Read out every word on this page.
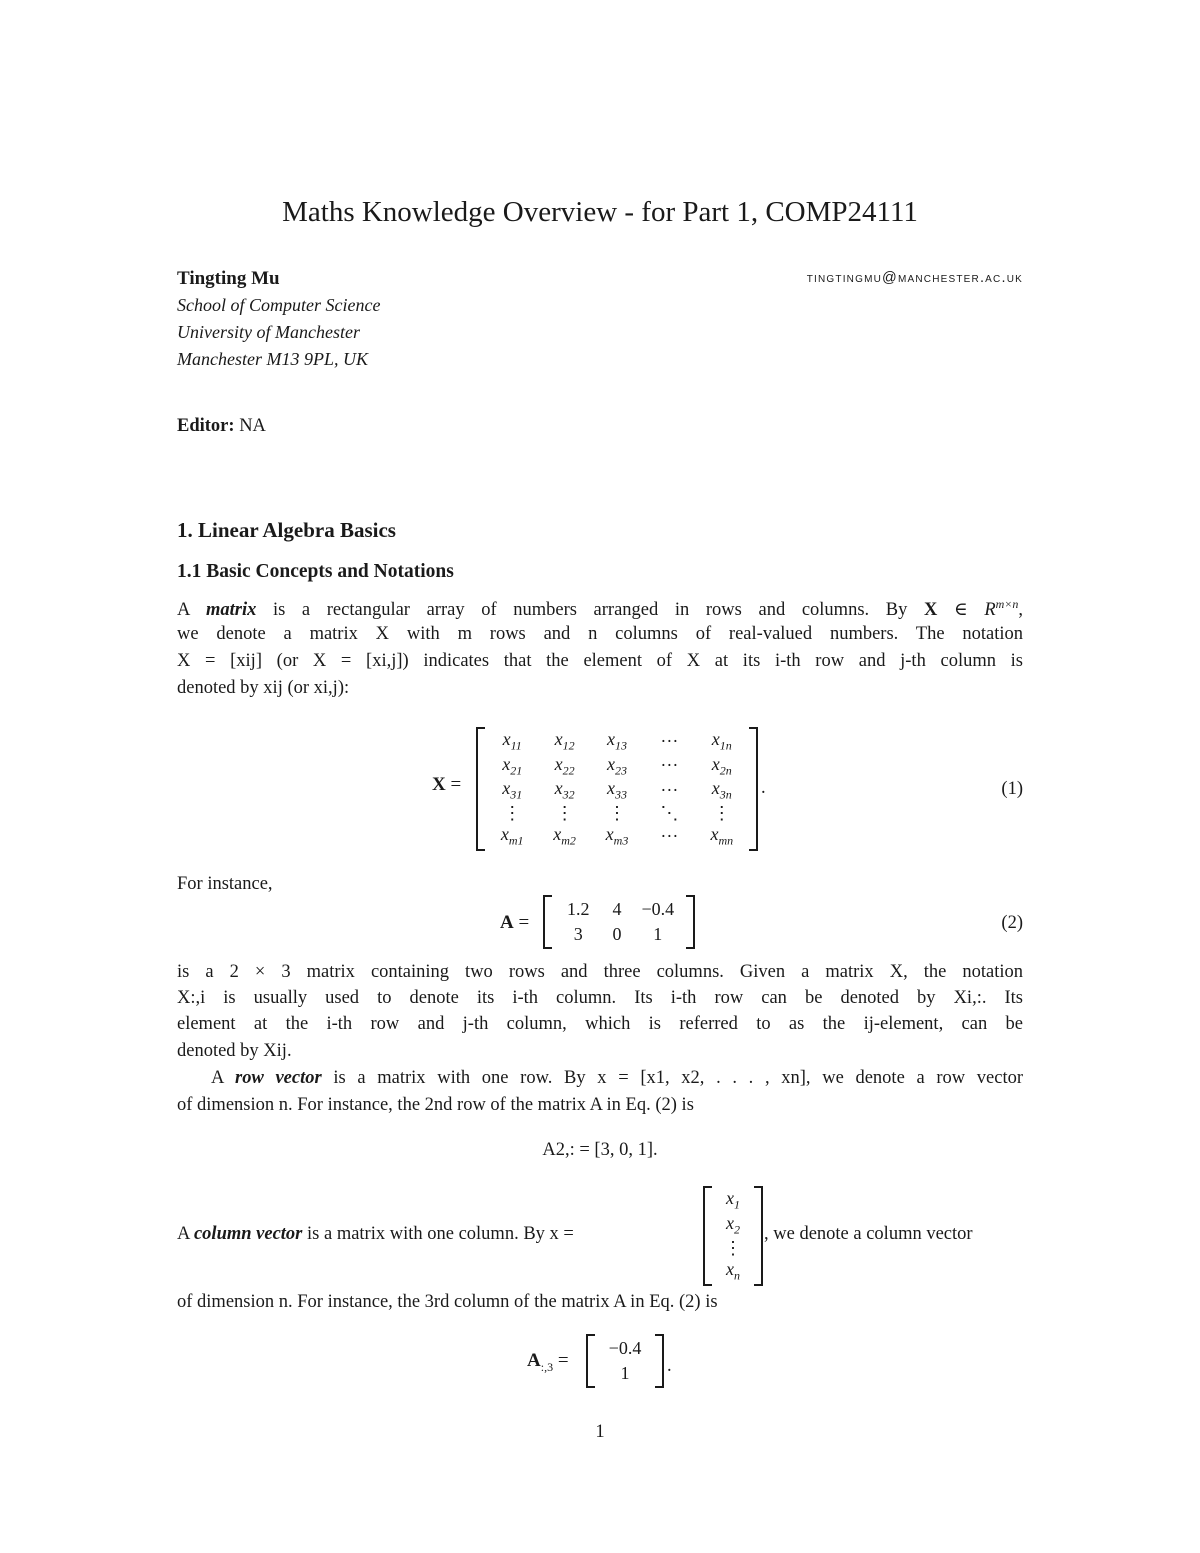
Maths Knowledge Overview - for Part 1, COMP24111
Tingting Mu	tingtingmu@manchester.ac.uk
School of Computer Science
University of Manchester
Manchester M13 9PL, UK
Editor: NA
1. Linear Algebra Basics
1.1 Basic Concepts and Notations
A matrix is a rectangular array of numbers arranged in rows and columns. By X ∈ $R^{m\times n}$,
we denote a matrix X with m rows and n columns of real-valued numbers. The notation
X = [xij] (or X = [xi,j]) indicates that the element of X at its i-th row and j-th column is
denoted by xij (or xi,j):
X =
$x_{11}$	$x_{12}$	$x_{13}$	···	$x_{1n}$
$x_{21}$	$x_{22}$	$x_{23}$	···	$x_{2n}$
$x_{31}$	$x_{32}$	$x_{33}$	···	$x_{3n}$
⋮	⋮	⋮	⋱	⋮
$x_{m1}$	$x_{m2}$	$x_{m3}$	···	$x_{mn}$
.	(1)
For instance,
A =
1.2	4	−0.4
3	0	1
(2)
is a 2 × 3 matrix containing two rows and three columns. Given a matrix X, the notation
X:,i is usually used to denote its i-th column. Its i-th row can be denoted by Xi,:. Its
element at the i-th row and j-th column, which is referred to as the ij-element, can be
denoted by Xij.
A row vector is a matrix with one row. By x = [x1, x2, . . . , xn], we denote a row vector
of dimension n. For instance, the 2nd row of the matrix A in Eq. (2) is
A2,: = [3, 0, 1].
A column vector is a matrix with one column. By x =
$x_1$
$x_2$
⋮
$x_n$
, we denote a column vector
of dimension n. For instance, the 3rd column of the matrix A in Eq. (2) is
$A_{:,3}$ =
−0.4
1	.
1
